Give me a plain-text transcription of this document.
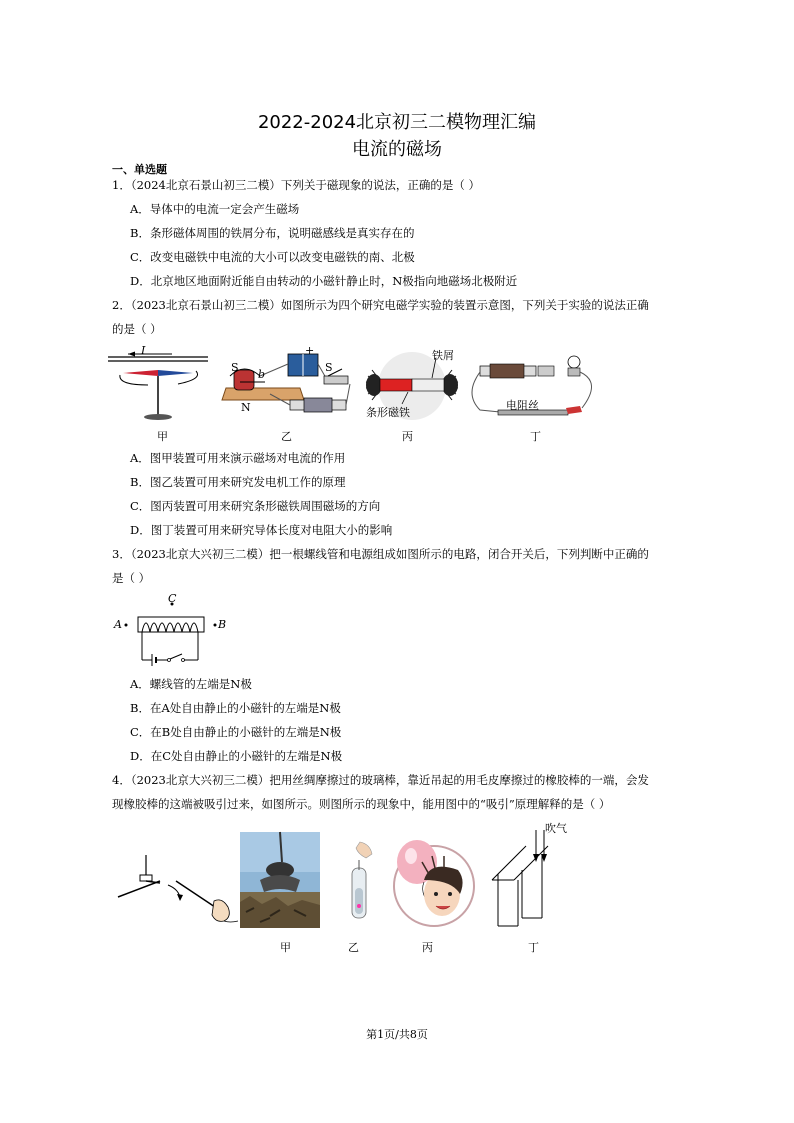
2022-2024北京初三二模物理汇编
电流的磁场
一、单选题
1．（2024北京石景山初三二模）下列关于磁现象的说法，正确的是（ ）
A．导体中的电流一定会产生磁场
B．条形磁体周围的铁屑分布，说明磁感线是真实存在的
C．改变电磁铁中电流的大小可以改变电磁铁的南、北极
D．北京地区地面附近能自由转动的小磁针静止时，N极指向地磁场北极附近
2．（2023北京石景山初三二模）如图所示为四个研究电磁学实验的装置示意图，下列关于实验的说法正确
的是（ ）
I
S
b
N
S
+	铁屑
条形磁铁
电阻丝
甲	乙	丙	丁
A．图甲装置可用来演示磁场对电流的作用
B．图乙装置可用来研究发电机工作的原理
C．图丙装置可用来研究条形磁铁周围磁场的方向
D．图丁装置可用来研究导体长度对电阻大小的影响
3．（2023北京大兴初三二模）把一根螺线管和电源组成如图所示的电路，闭合开关后，下列判断中正确的
是（ ）
C
A	B
A．螺线管的左端是N极
B．在A处自由静止的小磁针的左端是N极
C．在B处自由静止的小磁针的左端是N极
D．在C处自由静止的小磁针的左端是N极
4．（2023北京大兴初三二模）把用丝绸摩擦过的玻璃棒，靠近吊起的用毛皮摩擦过的橡胶棒的一端，会发
现橡胶棒的这端被吸引过来，如图所示。则图所示的现象中，能用图中的“吸引”原理解释的是（ ）
吹气
甲	乙	丙	丁
第1页/共8页
